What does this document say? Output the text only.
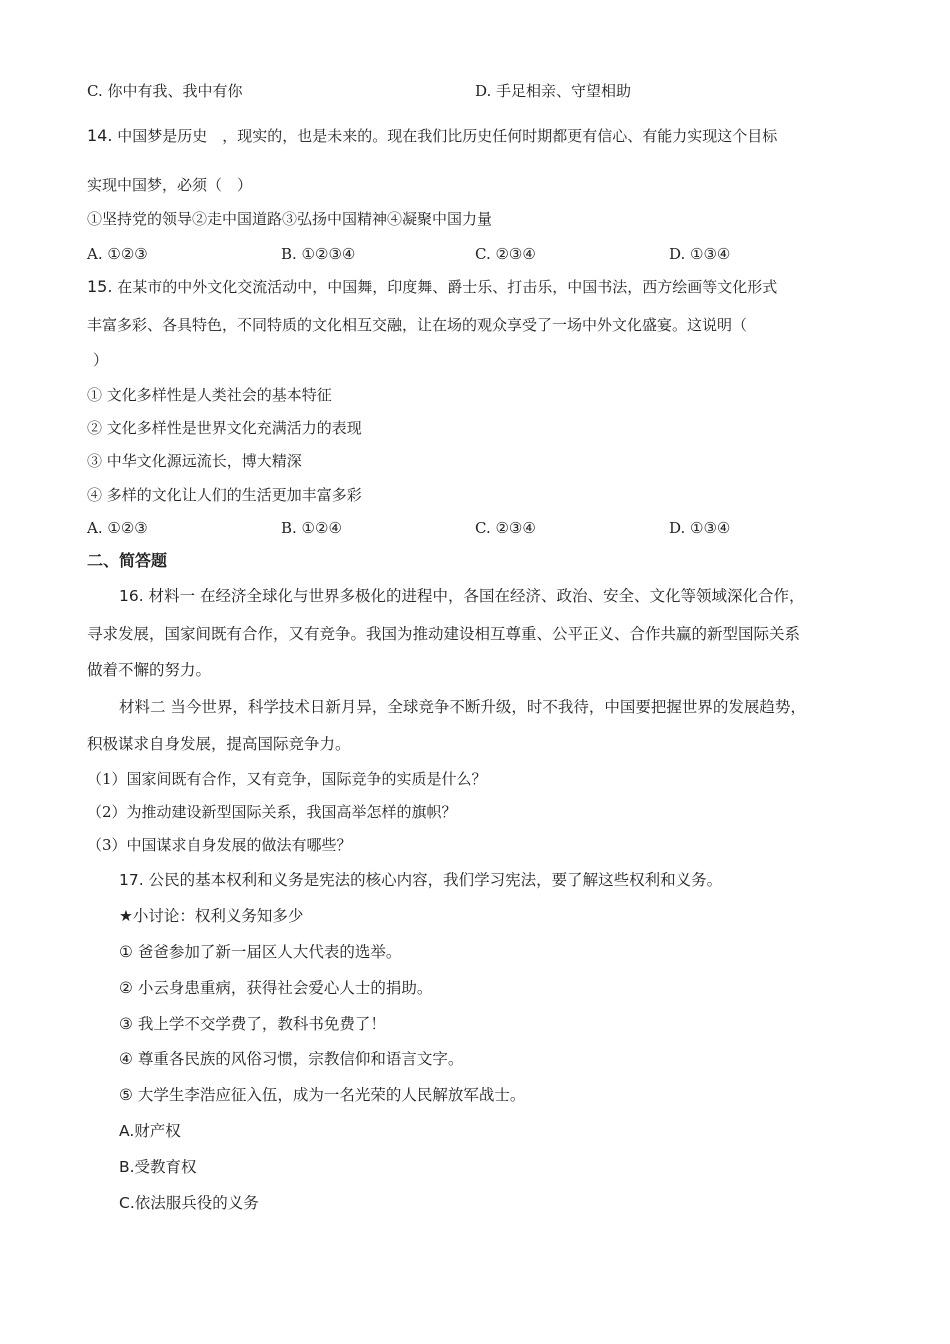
C. 你中有我、我中有你	D. 手足相亲、守望相助
14. 中国梦是历史　，现实的，也是未来的。现在我们比历史任何时期都更有信心、有能力实现这个目标
实现中国梦，必须（　）
①坚持党的领导②走中国道路③弘扬中国精神④凝聚中国力量
A. ①②③	B. ①②③④	C. ②③④	D. ①③④
15. 在某市的中外文化交流活动中，中国舞，印度舞、爵士乐、打击乐，中国书法，西方绘画等文化形式
丰富多彩、各具特色，不同特质的文化相互交融，让在场的观众享受了一场中外文化盛宴。这说明（
）
① 文化多样性是人类社会的基本特征
② 文化多样性是世界文化充满活力的表现
③ 中华文化源远流长，博大精深
④ 多样的文化让人们的生活更加丰富多彩
A. ①②③	B. ①②④	C. ②③④	D. ①③④
二、简答题
16. 材料一 在经济全球化与世界多极化的进程中，各国在经济、政治、安全、文化等领域深化合作，
寻求发展，国家间既有合作，又有竞争。我国为推动建设相互尊重、公平正义、合作共赢的新型国际关系
做着不懈的努力。
材料二 当今世界，科学技术日新月异，全球竞争不断升级，时不我待，中国要把握世界的发展趋势，
积极谋求自身发展，提高国际竞争力。
（1）国家间既有合作，又有竞争，国际竞争的实质是什么？
（2）为推动建设新型国际关系，我国高举怎样的旗帜？
（3）中国谋求自身发展的做法有哪些？
17. 公民的基本权利和义务是宪法的核心内容，我们学习宪法，要了解这些权利和义务。
★小讨论：权利义务知多少
① 爸爸参加了新一届区人大代表的选举。
② 小云身患重病，获得社会爱心人士的捐助。
③ 我上学不交学费了，教科书免费了！
④ 尊重各民族的风俗习惯，宗教信仰和语言文字。
⑤ 大学生李浩应征入伍，成为一名光荣的人民解放军战士。
A.财产权
B.受教育权
C.依法服兵役的义务
